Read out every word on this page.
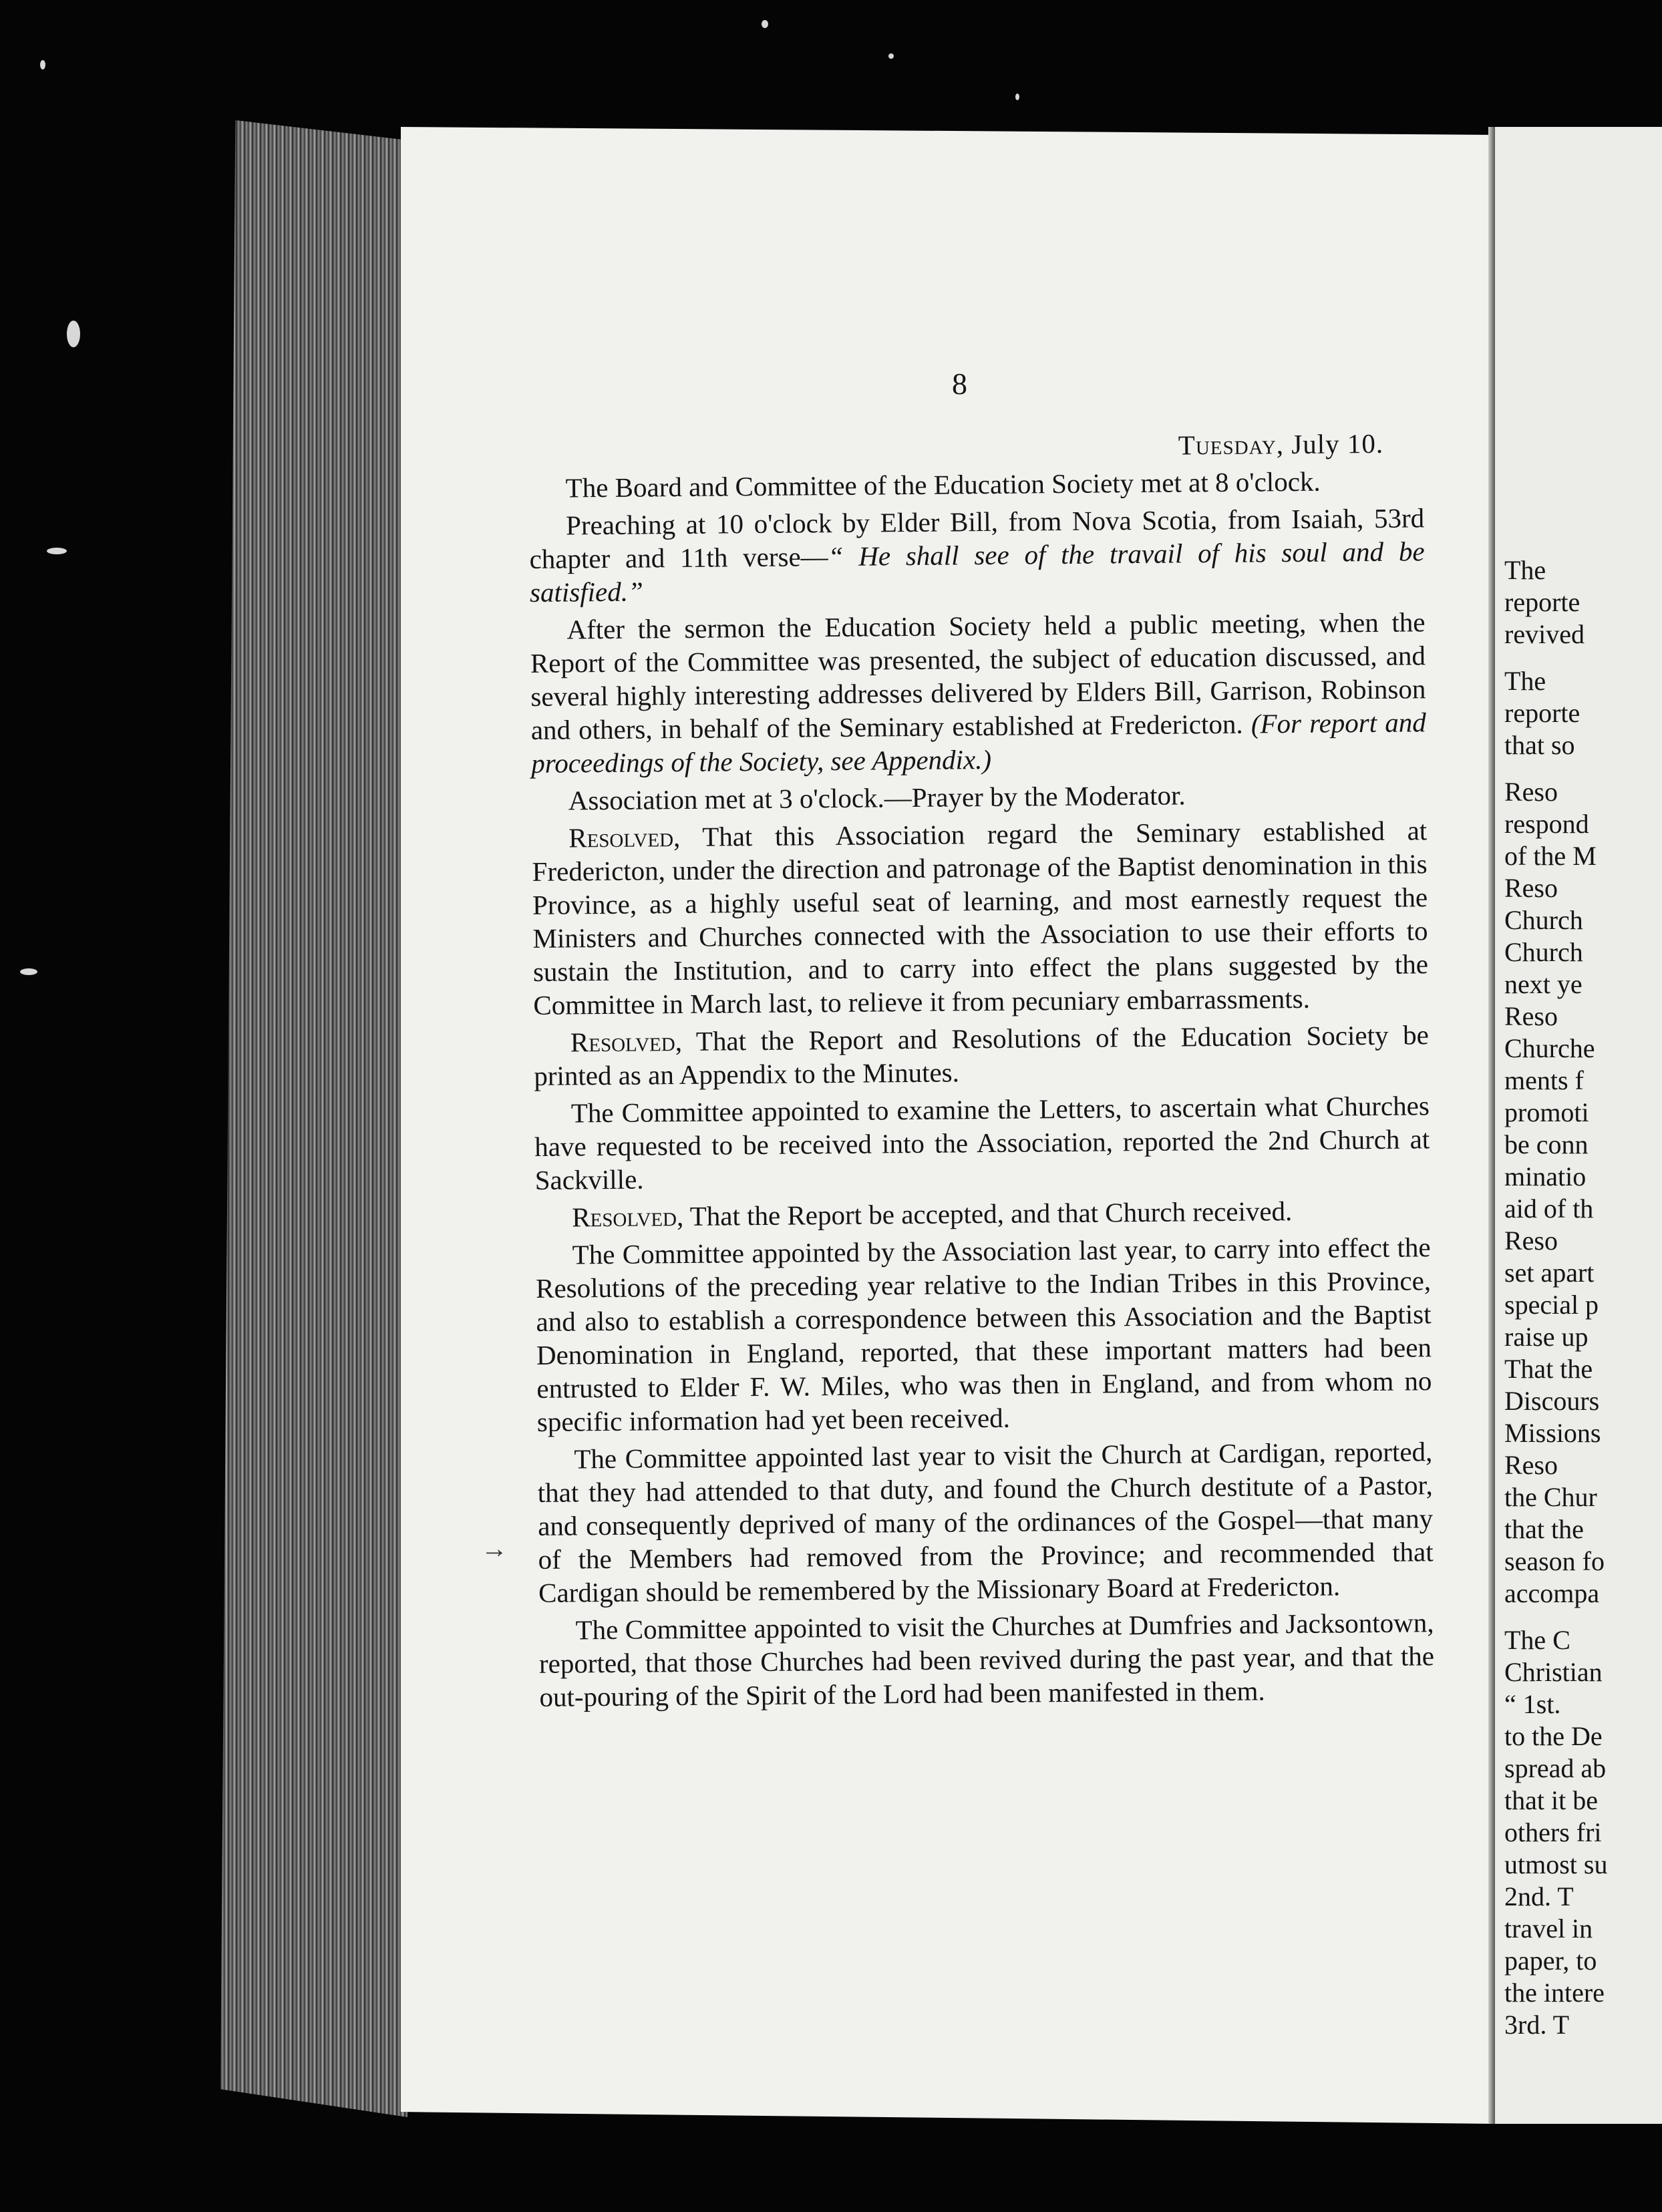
The
reporte
revived
The
reporte
that so
Reso
respond
of the M
Reso
Church
Church
next ye
Reso
Churche
ments f
promoti
be conn
minatio
aid of th
Reso
set apart
special p
raise up
That the
Discours
Missions
Reso
the Chur
that the
season fo
accompa
The C
Christian
“ 1st.
to the De
spread ab
that it be
others fri
utmost su
2nd. T
travel in
paper, to
the intere
3rd. T
8
→
Tuesday, July 10.

The Board and Committee of the Education Society met at 8 o'clock.

Preaching at 10 o'clock by Elder Bill, from Nova Scotia, from Isaiah, 53rd chapter and 11th verse—“ He shall see of the travail of his soul and be satisfied.”

After the sermon the Education Society held a public meeting, when the Report of the Committee was presented, the subject of education discussed, and several highly interesting addresses delivered by Elders Bill, Garrison, Robinson and others, in behalf of the Seminary established at Fredericton. (For report and proceedings of the Society, see Appendix.)

Association met at 3 o'clock.—Prayer by the Moderator.

Resolved, That this Association regard the Seminary established at Fredericton, under the direction and patronage of the Baptist denomination in this Province, as a highly useful seat of learning, and most earnestly request the Ministers and Churches connected with the Association to use their efforts to sustain the Institution, and to carry into effect the plans suggested by the Committee in March last, to relieve it from pecuniary embarrassments.

Resolved, That the Report and Resolutions of the Education Society be printed as an Appendix to the Minutes.

The Committee appointed to examine the Letters, to ascertain what Churches have requested to be received into the Association, reported the 2nd Church at Sackville.

Resolved, That the Report be accepted, and that Church received.

The Committee appointed by the Association last year, to carry into effect the Resolutions of the preceding year relative to the Indian Tribes in this Province, and also to establish a correspondence between this Association and the Baptist Denomination in England, reported, that these important matters had been entrusted to Elder F. W. Miles, who was then in England, and from whom no specific information had yet been received.

The Committee appointed last year to visit the Church at Cardigan, reported, that they had attended to that duty, and found the Church destitute of a Pastor, and consequently deprived of many of the ordinances of the Gospel—that many of the Members had removed from the Province; and recommended that Cardigan should be remembered by the Missionary Board at Fredericton.

The Committee appointed to visit the Churches at Dumfries and Jacksontown, reported, that those Churches had been revived during the past year, and that the out-pouring of the Spirit of the Lord had been manifested in them.
